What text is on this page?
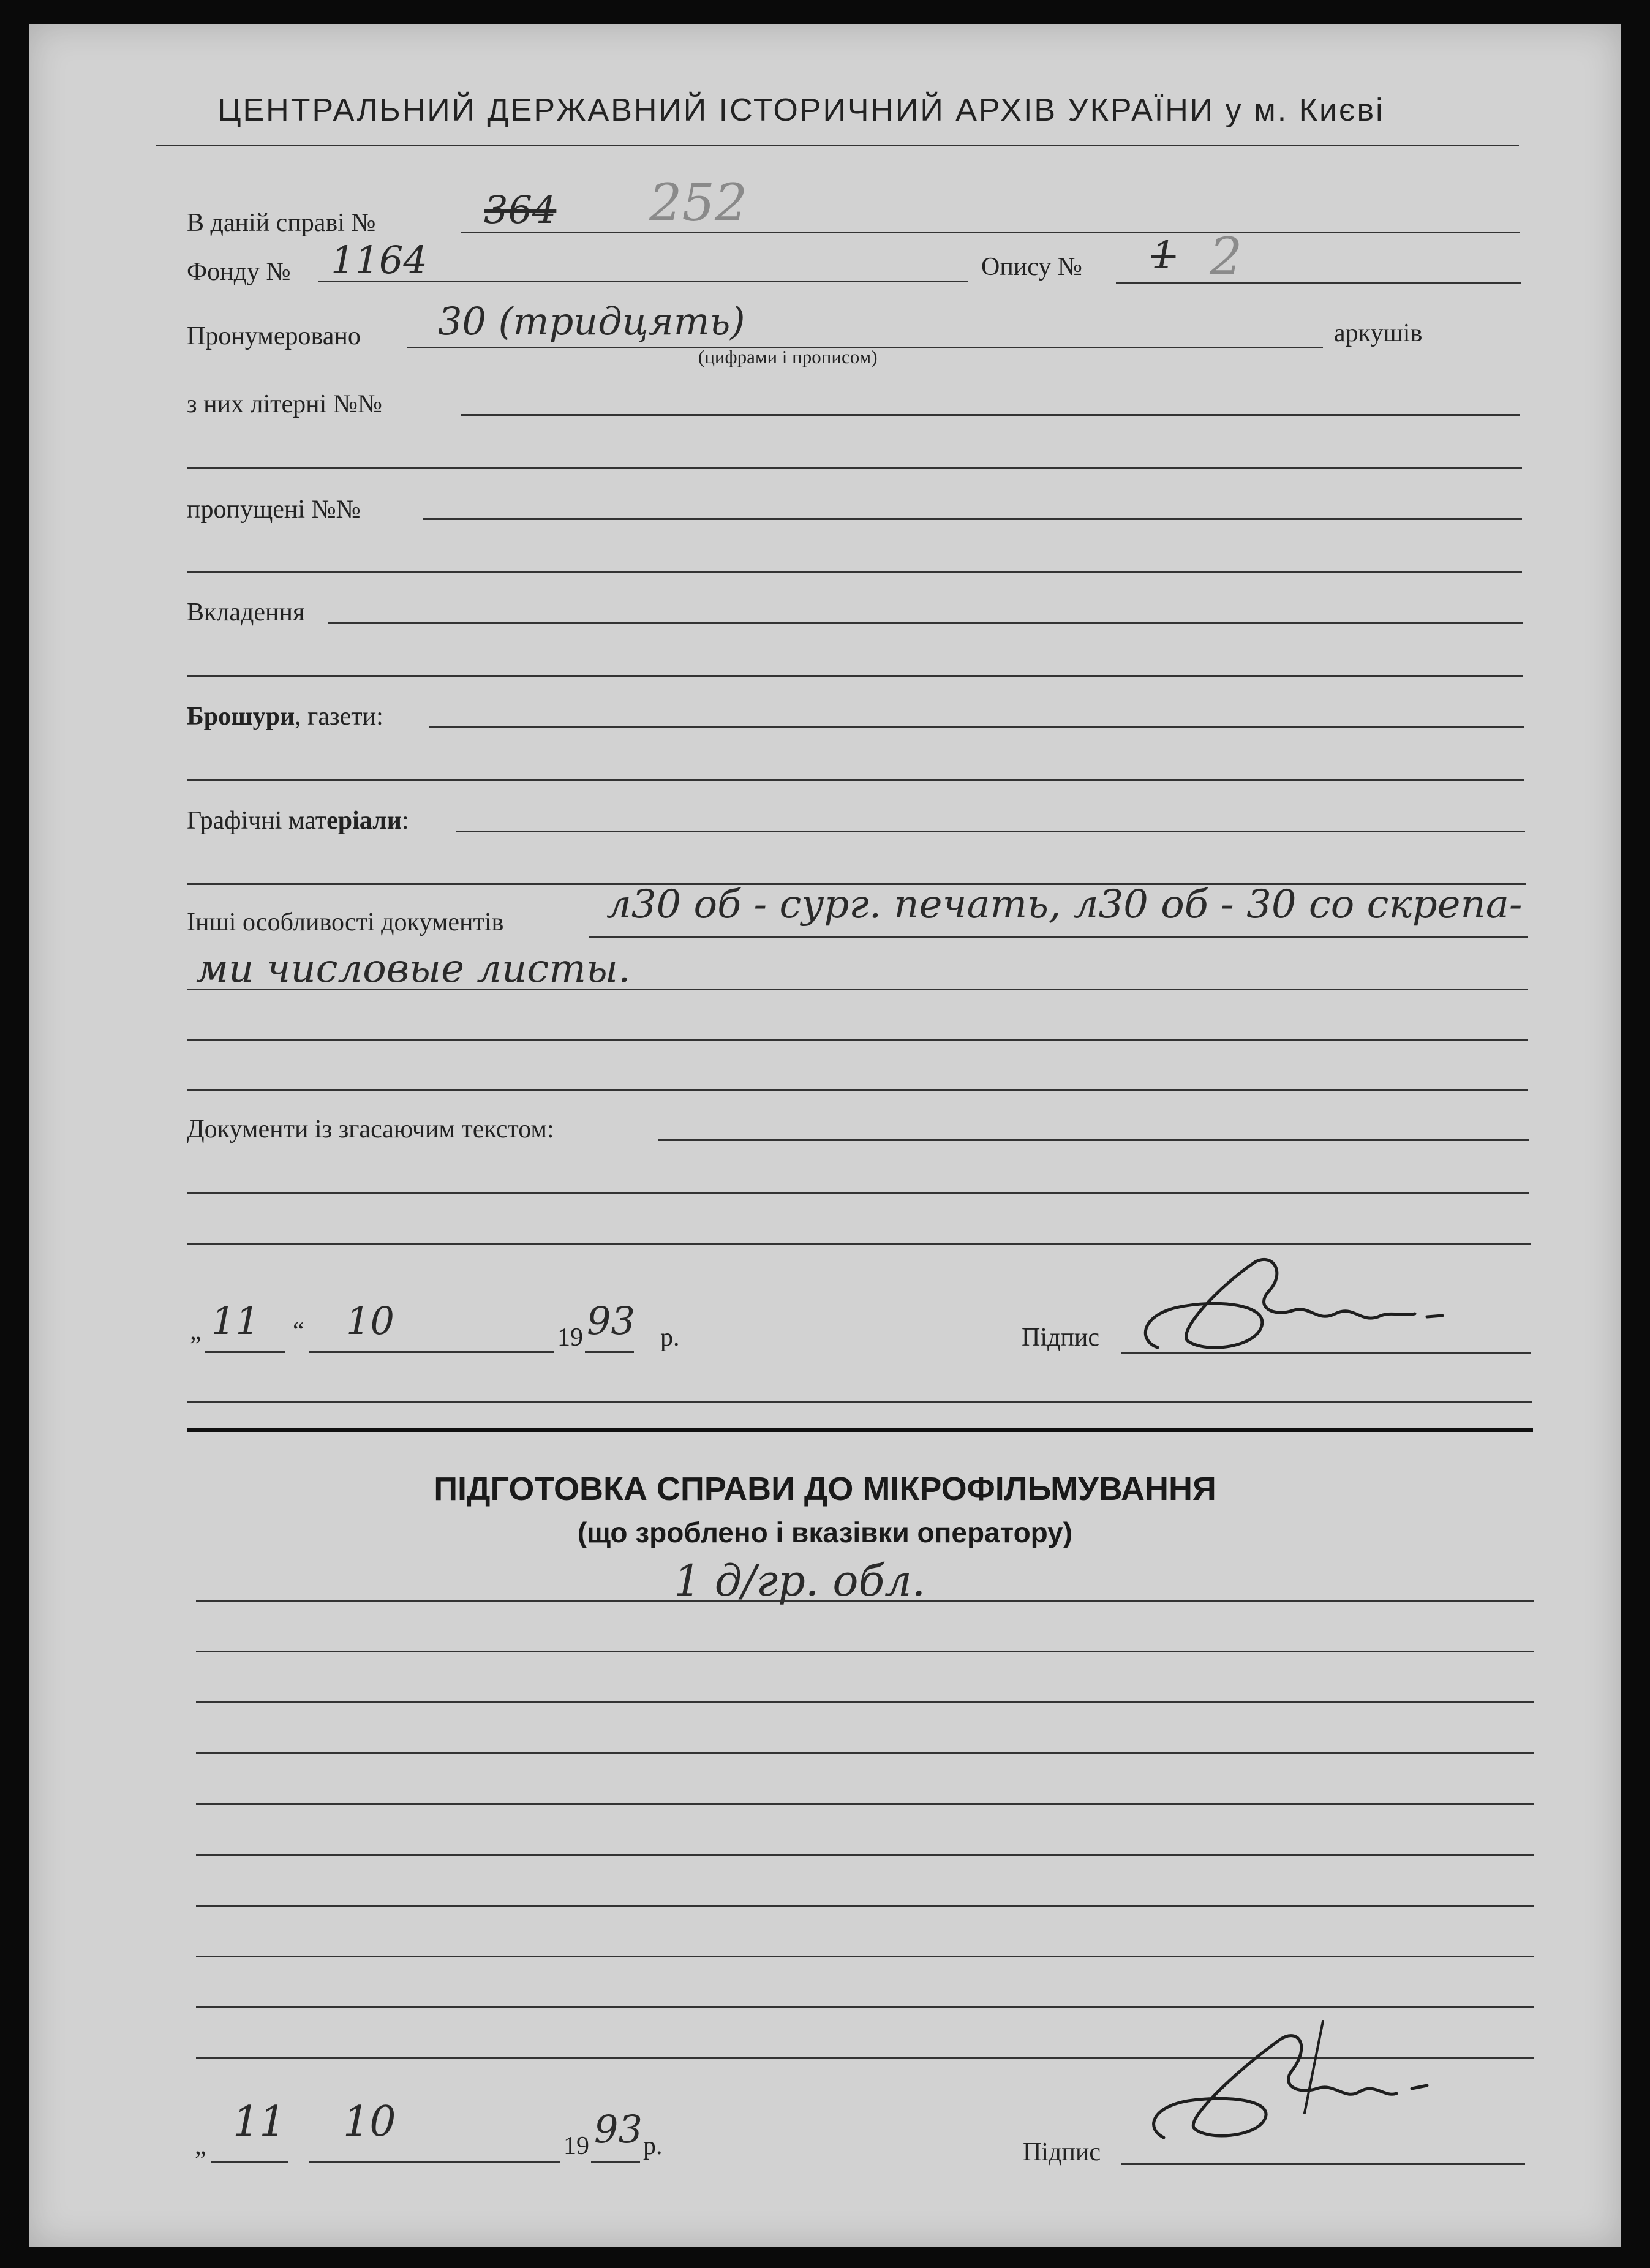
ЦЕНТРАЛЬНИЙ ДЕРЖАВНИЙ ІСТОРИЧНИЙ АРХІВ УКРАЇНИ у м. Києві
В даній справі №	364 252
Фонду № 1164	Опису № 1 2
Пронумеровано 30 (тридцять)
(цифрами і прописом)
аркушів
з них літерні №№
пропущені №№
Вкладення
Брошури, газети:
Графічні матеріали:
Інші особливості документів	л30 об - сург. печать, л30 об - 30 со скрепа-
ми числовые листы.
Документи із згасаючим текстом:
„ 11 “ 10	19 93 р.	Підпис
ПІДГОТОВКА СПРАВИ ДО МІКРОФІЛЬМУВАННЯ
(що зроблено і вказівки оператору)
1 д/гр. обл.
„ 11 10	19 93 р.	Підпис
